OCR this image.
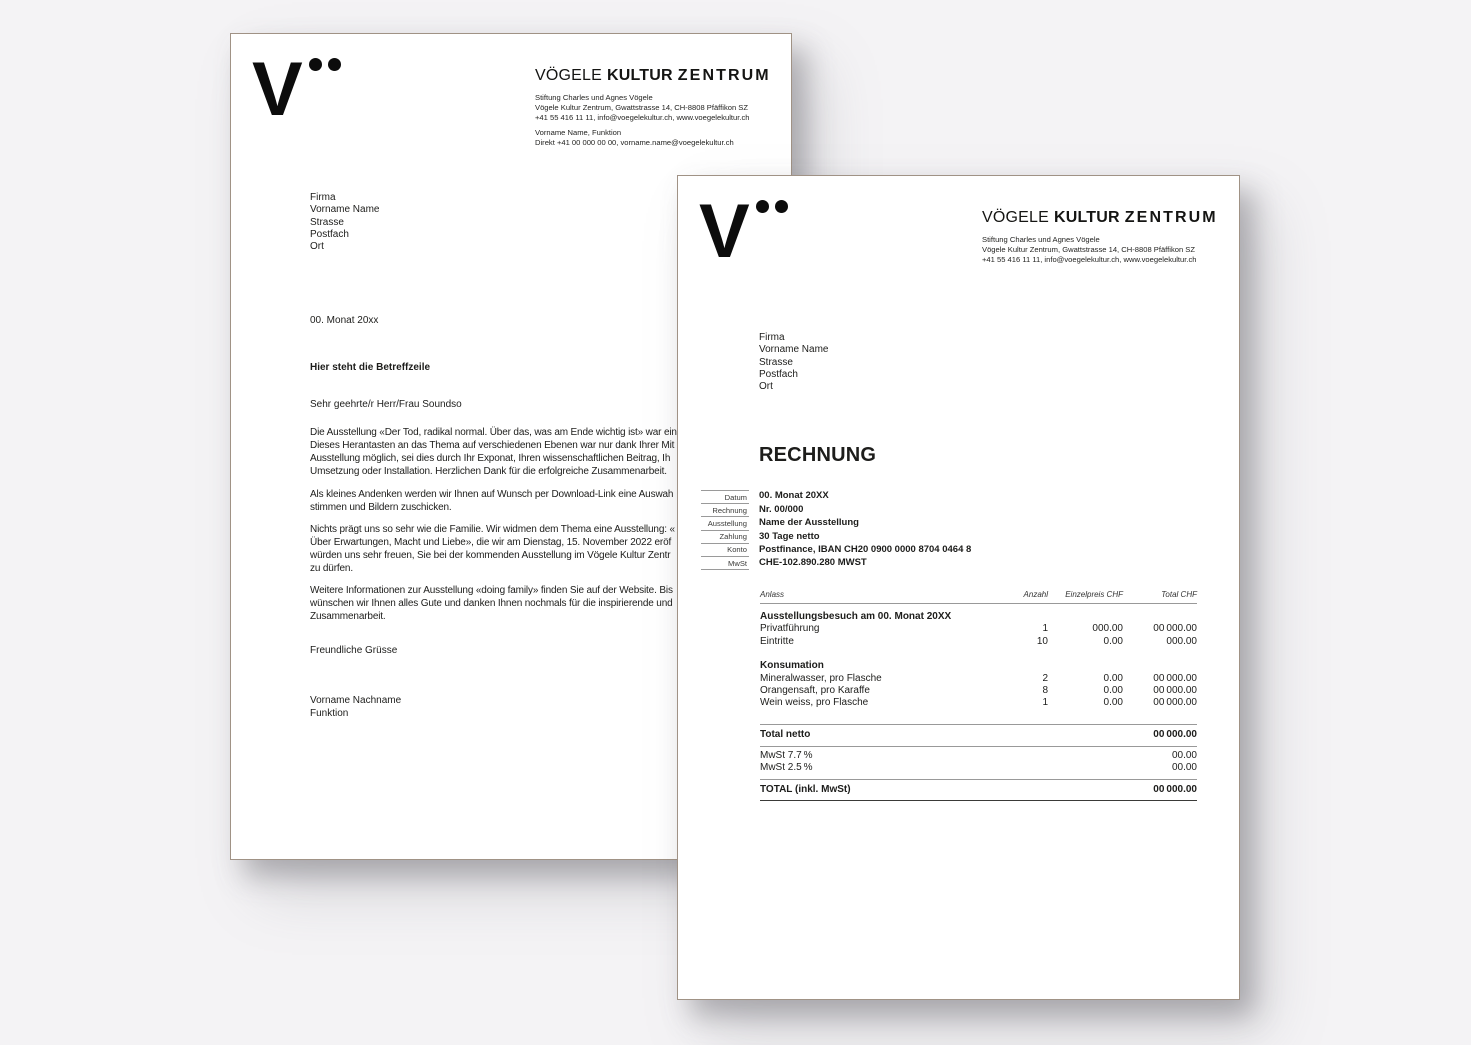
V	VÖGELE KULTUR ZENTRUM
Stiftung Charles und Agnes Vögele
Vögele Kultur Zentrum, Gwattstrasse 14, CH-8808 Pfäffikon SZ
+41 55 416 11 11, info@voegelekultur.ch, www.voegelekultur.ch
Vorname Name, Funktion
Direkt +41 00 000 00 00, vorname.name@voegelekultur.ch
Firma
Vorname Name
Strasse
Postfach
Ort
00. Monat 20xx
Hier steht die Betreffzeile
Sehr geehrte/r Herr/Frau Soundso
Die Ausstellung «Der Tod, radikal normal. Über das, was am Ende wichtig ist» war ein
Dieses Herantasten an das Thema auf verschiedenen Ebenen war nur dank Ihrer Mit
Ausstellung möglich, sei dies durch Ihr Exponat, Ihren wissenschaftlichen Beitrag, Ih
Umsetzung oder Installation. Herzlichen Dank für die erfolgreiche Zusammenarbeit.
Als kleines Andenken werden wir Ihnen auf Wunsch per Download-Link eine Auswah
stimmen und Bildern zuschicken.
Nichts prägt uns so sehr wie die Familie. Wir widmen dem Thema eine Ausstellung: «
Über Erwartungen, Macht und Liebe», die wir am Dienstag, 15. November 2022 eröf
würden uns sehr freuen, Sie bei der kommenden Ausstellung im Vögele Kultur Zentr
zu dürfen.
Weitere Informationen zur Ausstellung «doing family» finden Sie auf der Website. Bis
wünschen wir Ihnen alles Gute und danken Ihnen nochmals für die inspirierende und
Zusammenarbeit.
Freundliche Grüsse
Vorname Nachname
Funktion
V	VÖGELE KULTUR ZENTRUM
Stiftung Charles und Agnes Vögele
Vögele Kultur Zentrum, Gwattstrasse 14, CH-8808 Pfäffikon SZ
+41 55 416 11 11, info@voegelekultur.ch, www.voegelekultur.ch
Firma
Vorname Name
Strasse
Postfach
Ort
RECHNUNG
Datum 00. Monat 20XX
Rechnung Nr. 00/000
Ausstellung Name der Ausstellung
Zahlung 30 Tage netto
Konto Postfinance, IBAN CH20 0900 0000 8704 0464 8
MwSt CHE-102.890.280 MWST
Anlass	Anzahl	Einzelpreis CHF	Total CHF
Ausstellungsbesuch am 00. Monat 20XX
Privatführung	1	000.00	00 000.00
Eintritte	10	0.00	000.00
Konsumation
Mineralwasser, pro Flasche	2	0.00	00 000.00
Orangensaft, pro Karaffe	8	0.00	00 000.00
Wein weiss, pro Flasche	1	0.00	00 000.00
Total netto	00 000.00
MwSt 7.7 %	00.00
MwSt 2.5 %	00.00
TOTAL (inkl. MwSt)	00 000.00
